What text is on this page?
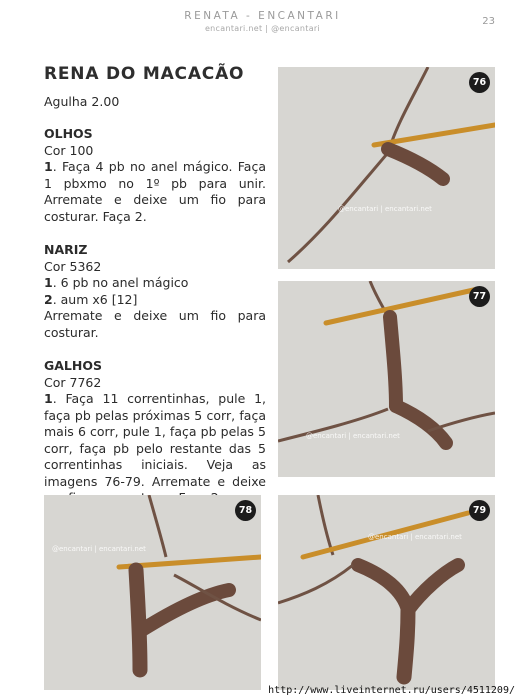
RENATA - ENCANTARI
encantari.net | @encantari
23
RENA DO MACACÃO
Agulha 2.00
OLHOS

Cor 100

1. Faça 4 pb no anel mágico. Faça 1 pbxmo no 1º pb para unir. Arremate e deixe um fio para costurar. Faça 2.

NARIZ

Cor 5362

1. 6 pb no anel mágico

2. aum x6 [12]

Arremate e deixe um fio para costurar.

GALHOS

Cor 7762

1. Faça 11 correntinhas, pule 1, faça pb pelas próximas 5 corr, faça mais 6 corr, pule 1, faça pb pelas 5 corr, faça pb pelo restante das 5 correntinhas iniciais. Veja as imagens 76-79. Arremate e deixe

76
@encantari | encantari.net
77
@encantari | encantari.net
78
@encantari | encantari.net
79
@encantari | encantari.net
http://www.liveinternet.ru/users/4511209/
